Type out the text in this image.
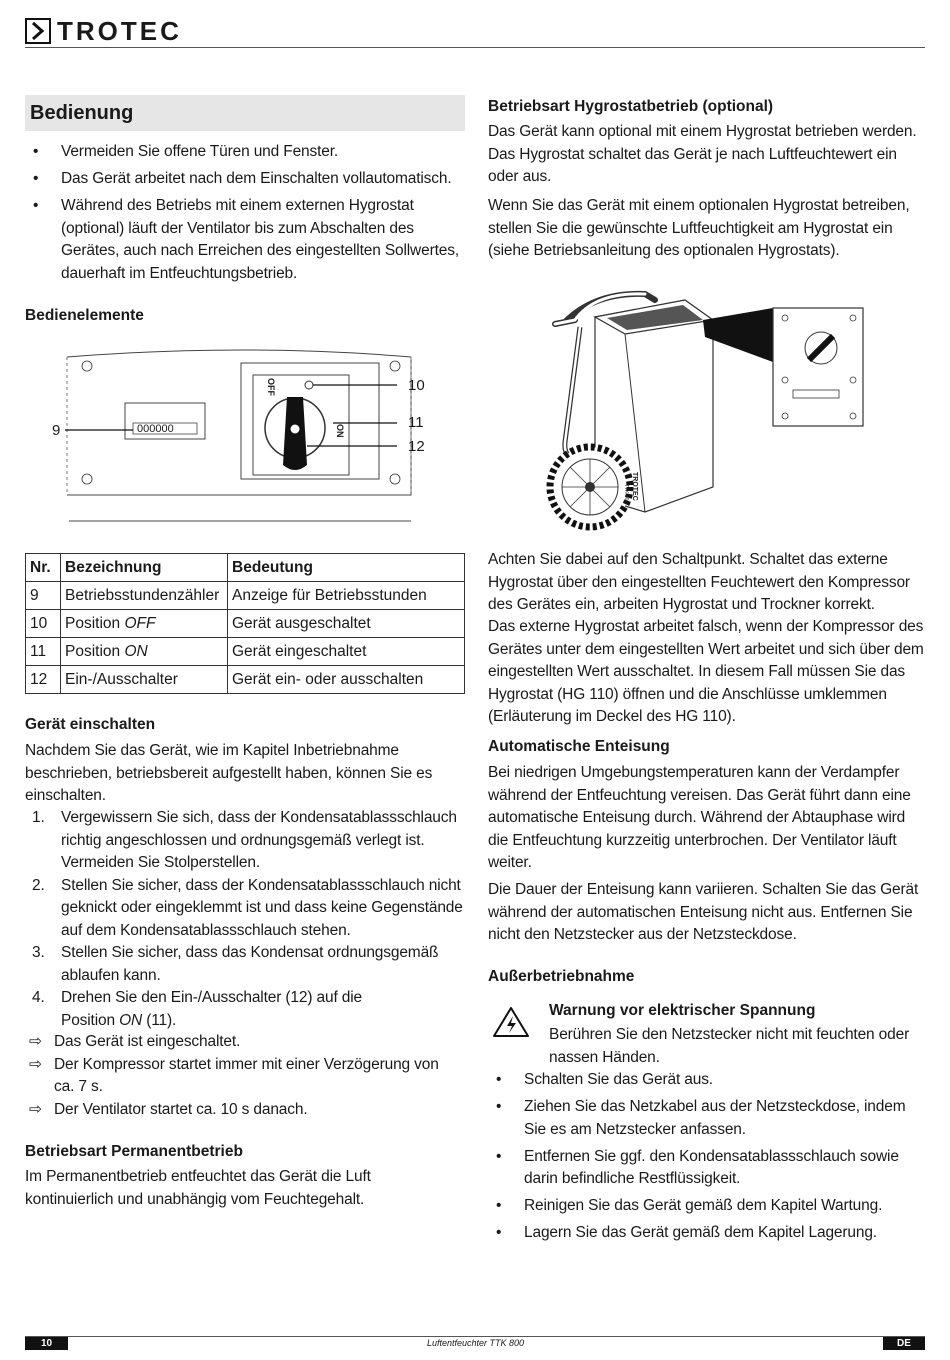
TROTEC
Bedienung
• Vermeiden Sie offene Türen und Fenster.
• Das Gerät arbeitet nach dem Einschalten vollautomatisch.
• Während des Betriebs mit einem externen Hygrostat (optional) läuft der Ventilator bis zum Abschalten des Gerätes, auch nach Erreichen des eingestellten Sollwertes, dauerhaft im Entfeuchtungsbetrieb.
Bedienelemente
000000
OFF
ON
9
10
11
12
Nr.	Bezeichnung	Bedeutung
9	Betriebsstundenzähler	Anzeige für Betriebsstunden
10	Position OFF	Gerät ausgeschaltet
11	Position ON	Gerät eingeschaltet
12	Ein-/Ausschalter	Gerät ein- oder ausschalten
Gerät einschalten
Nachdem Sie das Gerät, wie im Kapitel Inbetriebnahme beschrieben, betriebsbereit aufgestellt haben, können Sie es einschalten.
1. Vergewissern Sie sich, dass der Kondensatablassschlauch richtig angeschlossen und ordnungsgemäß verlegt ist. Vermeiden Sie Stolperstellen.
2. Stellen Sie sicher, dass der Kondensatablassschlauch nicht geknickt oder eingeklemmt ist und dass keine Gegenstände auf dem Kondensatablassschlauch stehen.
3. Stellen Sie sicher, dass das Kondensat ordnungsgemäß ablaufen kann.
4. Drehen Sie den Ein-/Ausschalter (12) auf die Position ON (11).
⇨ Das Gerät ist eingeschaltet.
⇨ Der Kompressor startet immer mit einer Verzögerung von ca. 7 s.
⇨ Der Ventilator startet ca. 10 s danach.
Betriebsart Permanentbetrieb
Im Permanentbetrieb entfeuchtet das Gerät die Luft kontinuierlich und unabhängig vom Feuchtegehalt.
Betriebsart Hygrostatbetrieb (optional)
Das Gerät kann optional mit einem Hygrostat betrieben werden. Das Hygrostat schaltet das Gerät je nach Luftfeuchtewert ein oder aus.
Wenn Sie das Gerät mit einem optionalen Hygrostat betreiben, stellen Sie die gewünschte Luftfeuchtigkeit am Hygrostat ein (siehe Betriebsanleitung des optionalen Hygrostats).
TROTEC
TTK 800
Achten Sie dabei auf den Schaltpunkt. Schaltet das externe Hygrostat über den eingestellten Feuchtewert den Kompressor des Gerätes ein, arbeiten Hygrostat und Trockner korrekt.
Das externe Hygrostat arbeitet falsch, wenn der Kompressor des Gerätes unter dem eingestellten Wert arbeitet und sich über dem eingestellten Wert ausschaltet. In diesem Fall müssen Sie das Hygrostat (HG 110) öffnen und die Anschlüsse umklemmen (Erläuterung im Deckel des HG 110).
Automatische Enteisung
Bei niedrigen Umgebungstemperaturen kann der Verdampfer während der Entfeuchtung vereisen. Das Gerät führt dann eine automatische Enteisung durch. Während der Abtauphase wird die Entfeuchtung kurzzeitig unterbrochen. Der Ventilator läuft weiter.
Die Dauer der Enteisung kann variieren. Schalten Sie das Gerät während der automatischen Enteisung nicht aus. Entfernen Sie nicht den Netzstecker aus der Netzsteckdose.
Außerbetriebnahme
Warnung vor elektrischer Spannung
Berühren Sie den Netzstecker nicht mit feuchten oder nassen Händen.
• Schalten Sie das Gerät aus.
• Ziehen Sie das Netzkabel aus der Netzsteckdose, indem Sie es am Netzstecker anfassen.
• Entfernen Sie ggf. den Kondensatablassschlauch sowie darin befindliche Restflüssigkeit.
• Reinigen Sie das Gerät gemäß dem Kapitel Wartung.
• Lagern Sie das Gerät gemäß dem Kapitel Lagerung.
10	Luftentfeuchter TTK 800	DE
